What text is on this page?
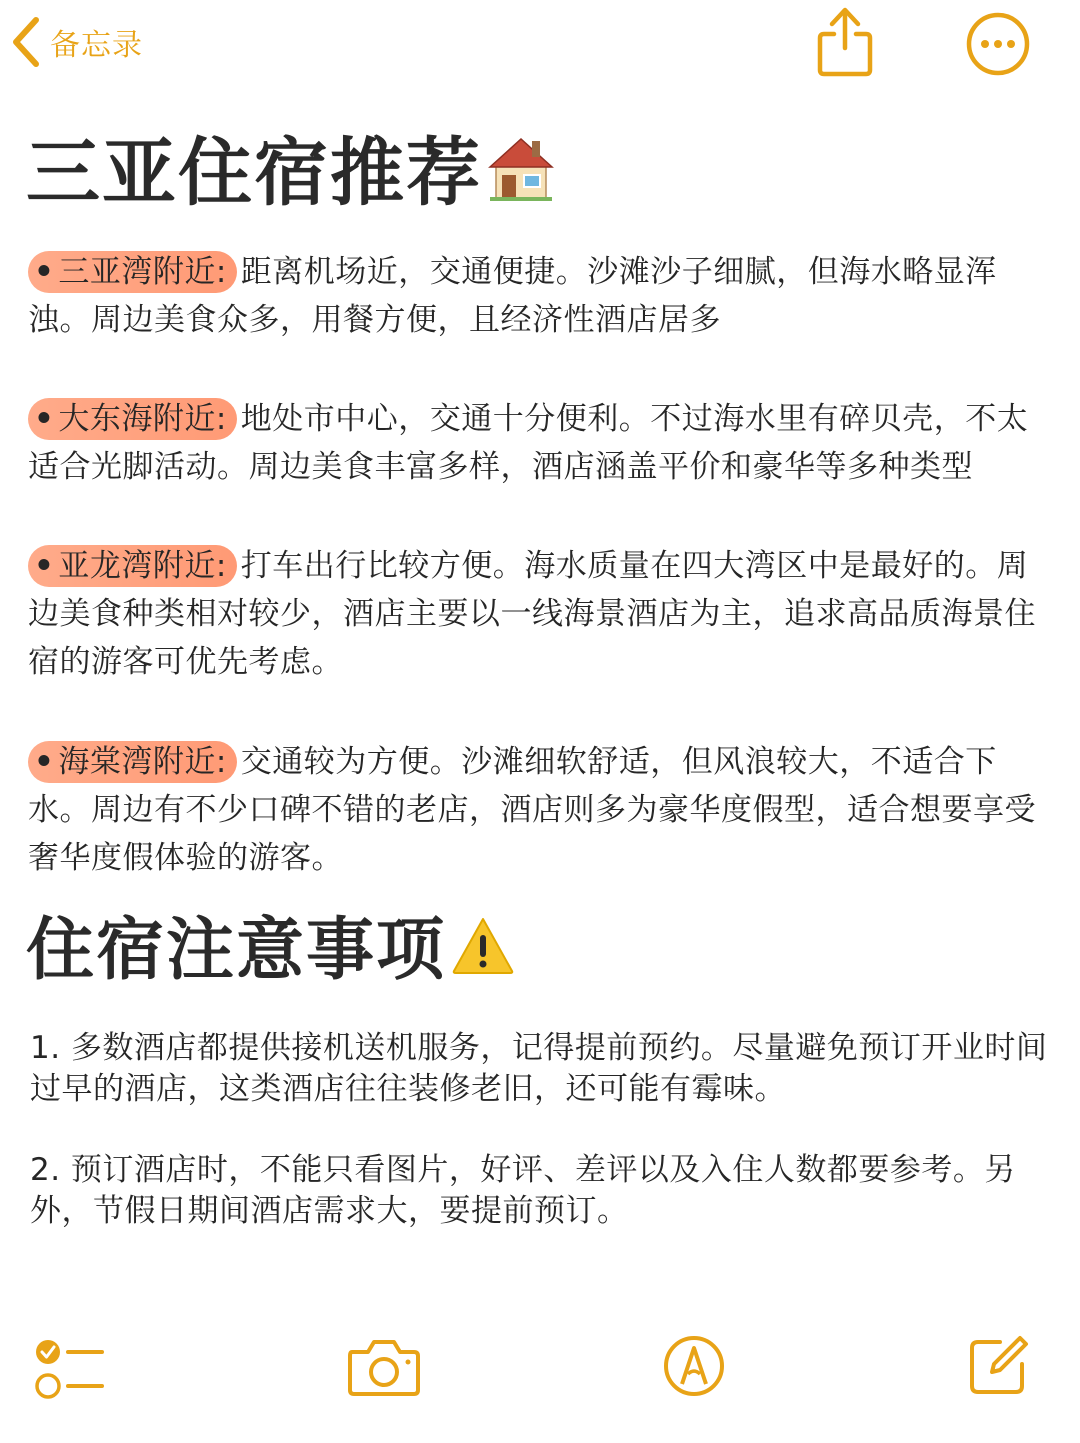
备忘录
三亚住宿推荐
• 三亚湾附近: 距离机场近，交通便捷。沙滩沙子细腻，但海水略显浑浊。周边美食众多，用餐方便，且经济性酒店居多
• 大东海附近: 地处市中心，交通十分便利。不过海水里有碎贝壳，不太适合光脚活动。周边美食丰富多样，酒店涵盖平价和豪华等多种类型
• 亚龙湾附近: 打车出行比较方便。海水质量在四大湾区中是最好的。周边美食种类相对较少，酒店主要以一线海景酒店为主，追求高品质海景住宿的游客可优先考虑。
• 海棠湾附近: 交通较为方便。沙滩细软舒适，但风浪较大，不适合下水。周边有不少口碑不错的老店，酒店则多为豪华度假型，适合想要享受奢华度假体验的游客。
住宿注意事项
1. 多数酒店都提供接机送机服务，记得提前预约。尽量避免预订开业时间过早的酒店，这类酒店往往装修老旧，还可能有霉味。
2. 预订酒店时，不能只看图片，好评、差评以及入住人数都要参考。另外，节假日期间酒店需求大，要提前预订。
